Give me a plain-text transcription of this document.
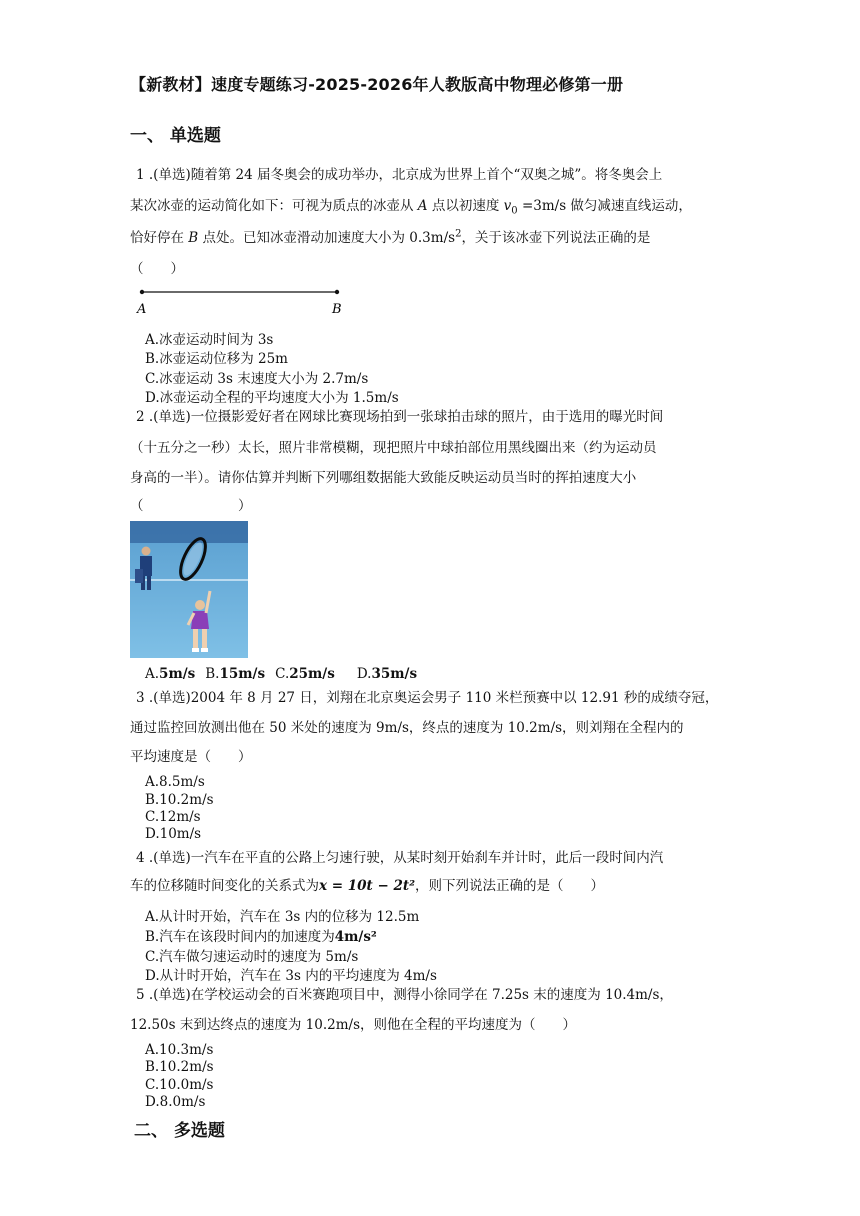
【新教材】速度专题练习-2025-2026年人教版高中物理必修第一册
一、 单选题
1 .(单选)随着第 24 届冬奥会的成功举办，北京成为世界上首个“双奥之城”。将冬奥会上
某次冰壶的运动简化如下：可视为质点的冰壶从 A 点以初速度 $v_0 =3m/s$ 做匀减速直线运动，
恰好停在 B 点处。已知冰壶滑动加速度大小为 $0.3m/s^2$，关于该冰壶下列说法正确的是
（　　）
A	B
A.冰壶运动时间为 3s
B.冰壶运动位移为 25m
C.冰壶运动 3s 末速度大小为 2.7m/s
D.冰壶运动全程的平均速度大小为 1.5m/s
2 .(单选)一位摄影爱好者在网球比赛现场拍到一张球拍击球的照片，由于选用的曝光时间
（十五分之一秒）太长，照片非常模糊，现把照片中球拍部位用黑线圈出来（约为运动员
身高的一半）。请你估算并判断下列哪组数据能大致能反映运动员当时的挥拍速度大小
（　　　　　　　）
A.5m/s B.15m/s C.25m/s D.35m/s
3 .(单选)2004 年 8 月 27 日，刘翔在北京奥运会男子 110 米栏预赛中以 12.91 秒的成绩夺冠，
通过监控回放测出他在 50 米处的速度为 9m/s，终点的速度为 10.2m/s，则刘翔在全程内的
平均速度是（　　）
A.8.5m/s
B.10.2m/s
C.12m/s
D.10m/s
4 .(单选)一汽车在平直的公路上匀速行驶，从某时刻开始刹车并计时，此后一段时间内汽
车的位移随时间变化的关系式为x = 10t − 2t²，则下列说法正确的是（　　）
A.从计时开始，汽车在 3s 内的位移为 12.5m
B.汽车在该段时间内的加速度为4m/s²
C.汽车做匀速运动时的速度为 5m/s
D.从计时开始，汽车在 3s 内的平均速度为 4m/s
5 .(单选)在学校运动会的百米赛跑项目中，测得小徐同学在 7.25s 末的速度为 10.4m/s，
12.50s 末到达终点的速度为 10.2m/s，则他在全程的平均速度为（　　）
A.10.3m/s
B.10.2m/s
C.10.0m/s
D.8.0m/s
二、 多选题
